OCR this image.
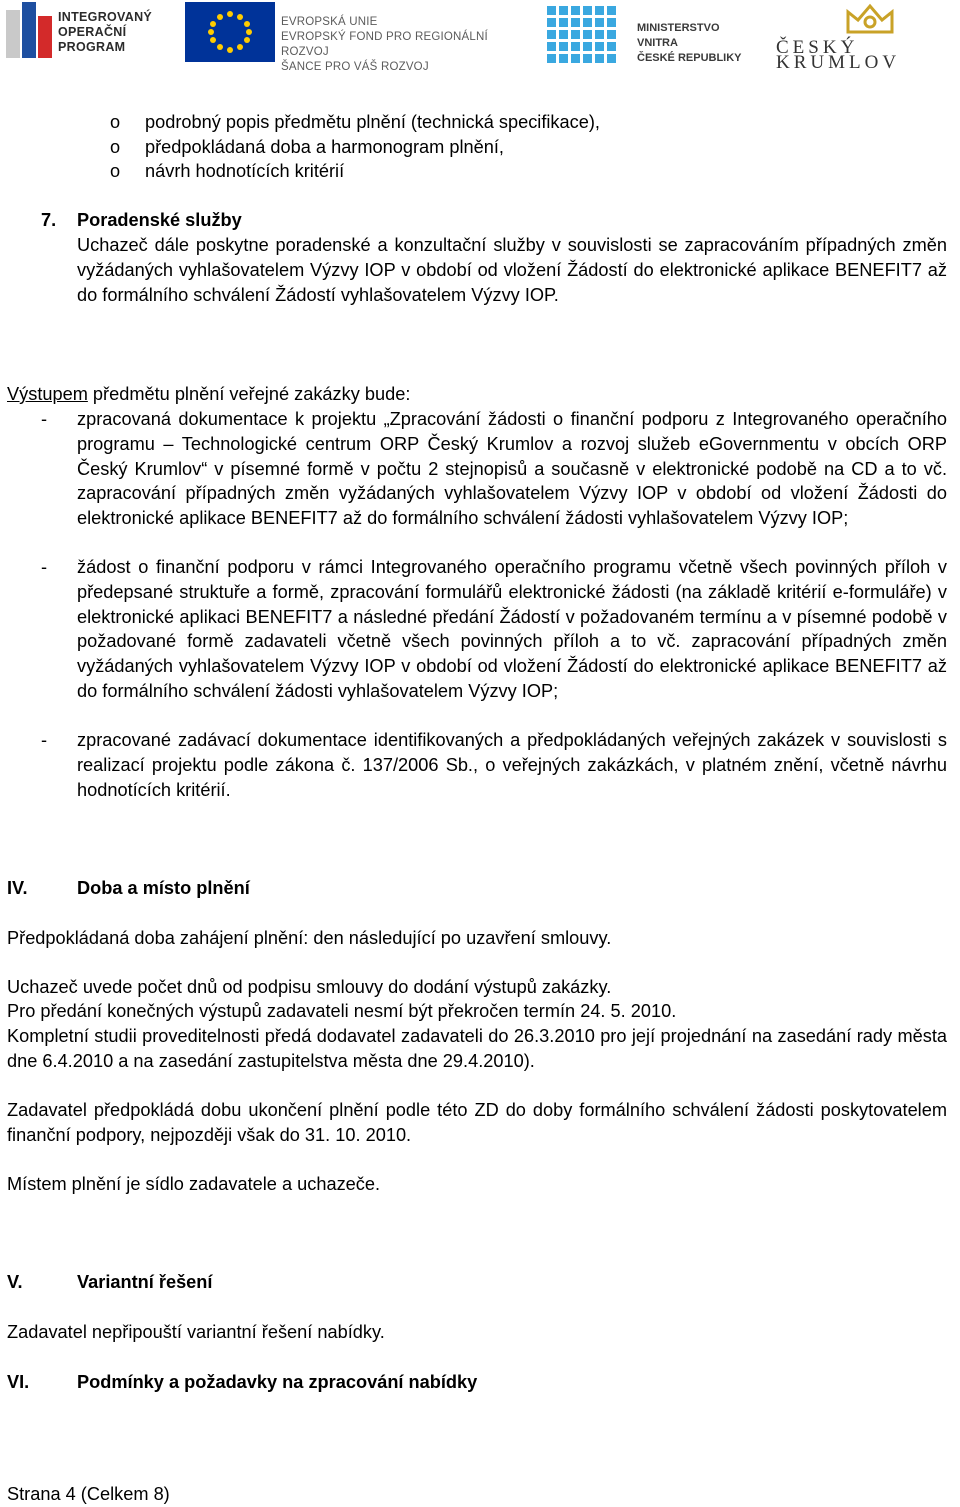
INTEGROVANÝ
OPERAČNÍ
PROGRAM
EVROPSKÁ UNIE
EVROPSKÝ FOND PRO REGIONÁLNÍ ROZVOJ
ŠANCE PRO VÁŠ ROZVOJ
MINISTERSTVO VNITRA
ČESKÉ REPUBLIKY	ČESKÝ KRUMLOV
o podrobný popis předmětu plnění (technická specifikace),
o předpokládaná doba a harmonogram plnění,
o návrh hodnotících kritérií
7. Poradenské služby
Uchazeč dále poskytne poradenské a konzultační služby v souvislosti se zapracováním případných změn vyžádaných vyhlašovatelem Výzvy IOP v období od vložení Žádostí do elektronické aplikace BENEFIT7 až do formálního schválení Žádostí vyhlašovatelem Výzvy IOP.
Výstupem předmětu plnění veřejné zakázky bude:
- zpracovaná dokumentace k projektu „Zpracování žádosti o finanční podporu z Integrovaného operačního programu – Technologické centrum ORP Český Krumlov a rozvoj služeb eGovernmentu v obcích ORP Český Krumlov“ v písemné formě v počtu 2 stejnopisů a současně v elektronické podobě na CD a to vč. zapracování případných změn vyžádaných vyhlašovatelem Výzvy IOP v období od vložení Žádosti do elektronické aplikace BENEFIT7 až do formálního schválení žádosti vyhlašovatelem Výzvy IOP;
- žádost o finanční podporu v rámci Integrovaného operačního programu včetně všech povinných příloh v předepsané struktuře a formě, zpracování formulářů elektronické žádosti (na základě kritérií e-formuláře) v elektronické aplikaci BENEFIT7 a následné předání Žádostí v požadovaném termínu a v písemné podobě v požadované formě zadavateli včetně všech povinných příloh a to vč. zapracování případných změn vyžádaných vyhlašovatelem Výzvy IOP v období od vložení Žádostí do elektronické aplikace BENEFIT7 až do formálního schválení žádosti vyhlašovatelem Výzvy IOP;
- zpracované zadávací dokumentace identifikovaných a předpokládaných veřejných zakázek v souvislosti s realizací projektu podle zákona č. 137/2006 Sb., o veřejných zakázkách, v platném znění, včetně návrhu hodnotících kritérií.
IV.	Doba a místo plnění
Předpokládaná doba zahájení plnění: den následující po uzavření smlouvy.
Uchazeč uvede počet dnů od podpisu smlouvy do dodání výstupů zakázky.
Pro předání konečných výstupů zadavateli nesmí být překročen termín 24. 5. 2010.
Kompletní studii proveditelnosti předá dodavatel zadavateli do 26.3.2010 pro její projednání na zasedání rady města dne 6.4.2010 a na zasedání zastupitelstva města dne 29.4.2010).
Zadavatel předpokládá dobu ukončení plnění podle této ZD do doby formálního schválení žádosti poskytovatelem finanční podpory, nejpozději však do 31. 10. 2010.
Místem plnění je sídlo zadavatele a uchazeče.
V.	Variantní řešení
Zadavatel nepřipouští variantní řešení nabídky.
VI.	Podmínky a požadavky na zpracování nabídky
Strana 4 (Celkem 8)
